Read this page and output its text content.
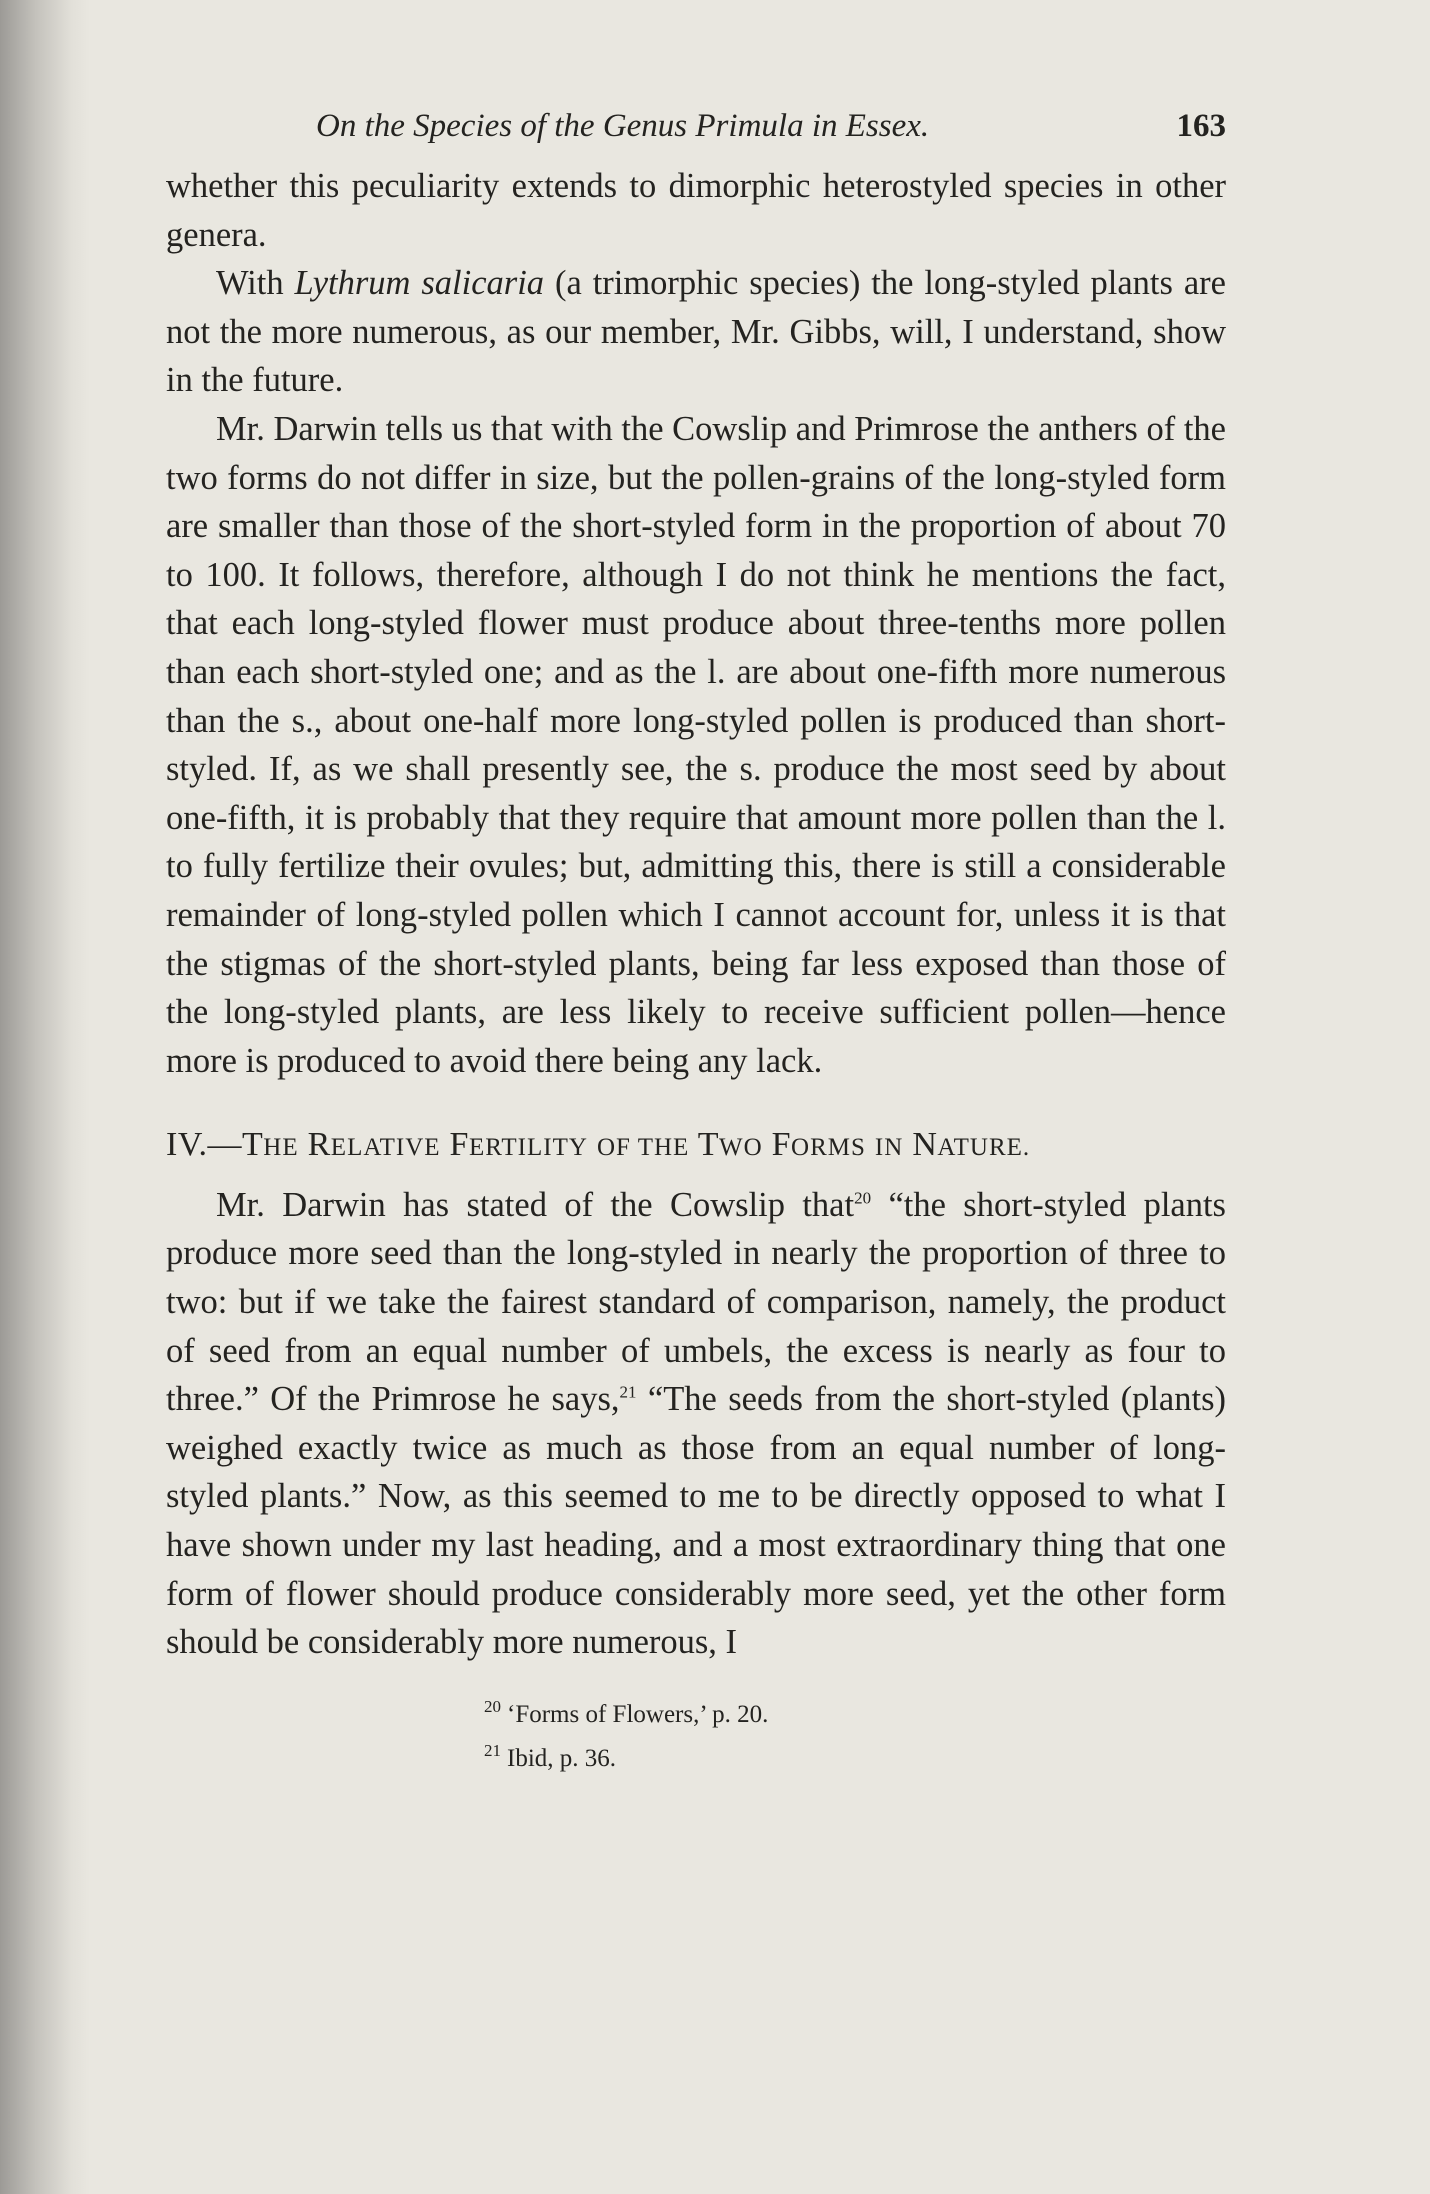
On the Species of the Genus Primula in Essex.	163

whether this peculiarity extends to dimorphic heterostyled species in other genera.

With Lythrum salicaria (a trimorphic species) the long-styled plants are not the more numerous, as our member, Mr. Gibbs, will, I understand, show in the future.

Mr. Darwin tells us that with the Cowslip and Primrose the anthers of the two forms do not differ in size, but the pollen-grains of the long-styled form are smaller than those of the short-styled form in the proportion of about 70 to 100. It follows, therefore, although I do not think he mentions the fact, that each long-styled flower must produce about three-tenths more pollen than each short-styled one; and as the l. are about one-fifth more numerous than the s., about one-half more long-styled pollen is produced than short-styled. If, as we shall presently see, the s. produce the most seed by about one-fifth, it is probably that they require that amount more pollen than the l. to fully fertilize their ovules; but, admitting this, there is still a considerable remainder of long-styled pollen which I cannot account for, unless it is that the stigmas of the short-styled plants, being far less exposed than those of the long-styled plants, are less likely to receive sufficient pollen—hence more is produced to avoid there being any lack.

IV.—THE RELATIVE FERTILITY OF THE TWO FORMS IN NATURE.

Mr. Darwin has stated of the Cowslip that$^{20}$ “the short-styled plants produce more seed than the long-styled in nearly the proportion of three to two: but if we take the fairest standard of comparison, namely, the product of seed from an equal number of umbels, the excess is nearly as four to three.” Of the Primrose he says,$^{21}$ “The seeds from the short-styled (plants) weighed exactly twice as much as those from an equal number of long-styled plants.” Now, as this seemed to me to be directly opposed to what I have shown under my last heading, and a most extraordinary thing that one form of flower should produce considerably more seed, yet the other form should be considerably more numerous, I

$^{20}$ ‘Forms of Flowers,’ p. 20.
$^{21}$ Ibid, p. 36.
